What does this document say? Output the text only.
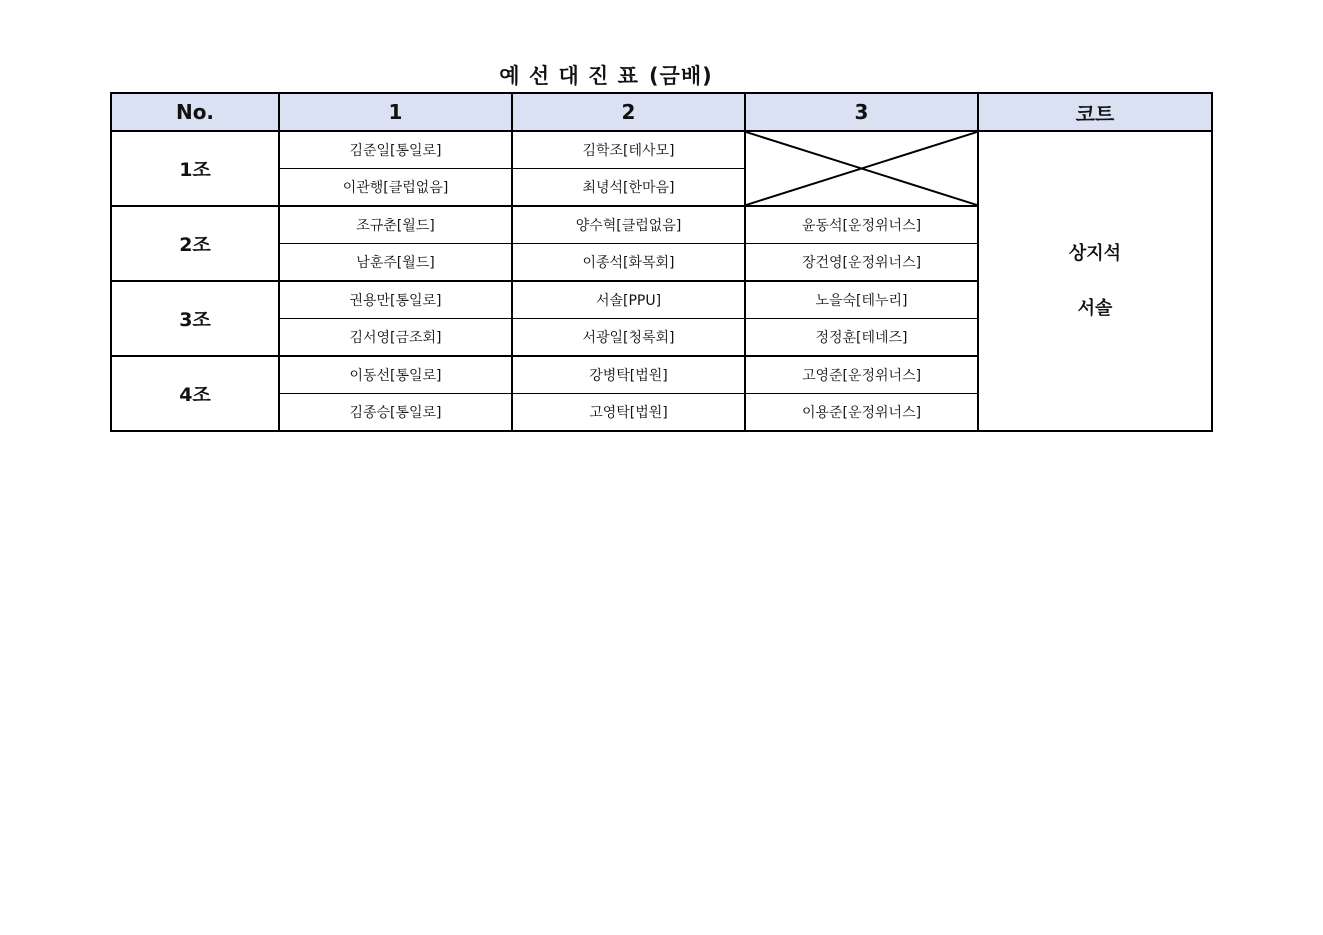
예 선 대 진 표 (금배)
No.	1	2	3	코트
1조	김준일[통일로]	김학조[테사모]		상지석
서솔

	이관행[클럽없음]	최녕석[한마음]		
2조	조규춘[월드]	양수혁[클럽없음]	윤동석[운정위너스]	
	남훈주[월드]	이종석[화목회]	장건영[운정위너스]	
3조	권용만[통일로]	서솔[PPU]	노을숙[테누리]	
	김서영[금조회]	서광일[청록회]	정정훈[테네즈]	
4조	이동선[통일로]	강병탁[법원]	고영준[운정위너스]	
	김종승[통일로]	고영탁[법원]	이용준[운정위너스]	
